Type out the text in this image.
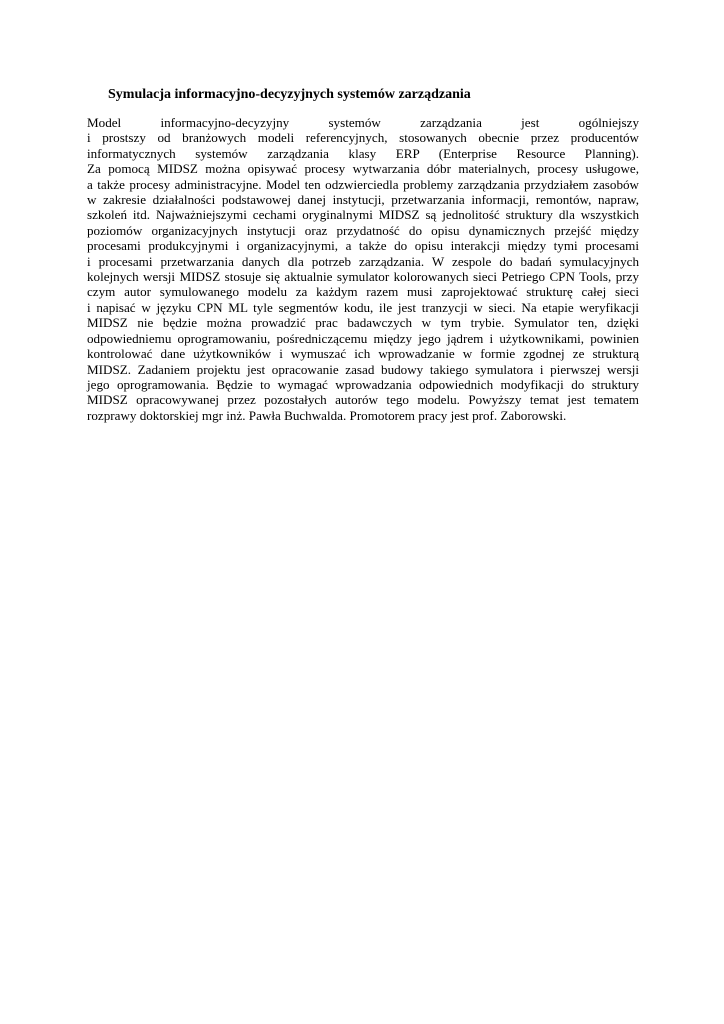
Symulacja informacyjno-decyzyjnych systemów zarządzania
Model informacyjno-decyzyjny systemów zarządzania jest ogólniejszy
i prostszy od branżowych modeli referencyjnych, stosowanych obecnie przez producentów
informatycznych systemów zarządzania klasy ERP (Enterprise Resource Planning).
Za pomocą MIDSZ można opisywać procesy wytwarzania dóbr materialnych, procesy usługowe,
a także procesy administracyjne. Model ten odzwierciedla problemy zarządzania przydziałem zasobów
w zakresie działalności podstawowej danej instytucji, przetwarzania informacji, remontów, napraw,
szkoleń itd. Najważniejszymi cechami oryginalnymi MIDSZ są jednolitość struktury dla wszystkich
poziomów organizacyjnych instytucji oraz przydatność do opisu dynamicznych przejść między
procesami produkcyjnymi i organizacyjnymi, a także do opisu interakcji między tymi procesami
i procesami przetwarzania danych dla potrzeb zarządzania. W zespole do badań symulacyjnych
kolejnych wersji MIDSZ stosuje się aktualnie symulator kolorowanych sieci Petriego CPN Tools, przy
czym autor symulowanego modelu za każdym razem musi zaprojektować strukturę całej sieci
i napisać w języku CPN ML tyle segmentów kodu, ile jest tranzycji w sieci. Na etapie weryfikacji
MIDSZ nie będzie można prowadzić prac badawczych w tym trybie. Symulator ten, dzięki
odpowiedniemu oprogramowaniu, pośredniczącemu między jego jądrem i użytkownikami, powinien
kontrolować dane użytkowników i wymuszać ich wprowadzanie w formie zgodnej ze strukturą
MIDSZ. Zadaniem projektu jest opracowanie zasad budowy takiego symulatora i pierwszej wersji
jego oprogramowania. Będzie to wymagać wprowadzania odpowiednich modyfikacji do struktury
MIDSZ opracowywanej przez pozostałych autorów tego modelu. Powyższy temat jest tematem
rozprawy doktorskiej mgr inż. Pawła Buchwalda. Promotorem pracy jest prof. Zaborowski.
